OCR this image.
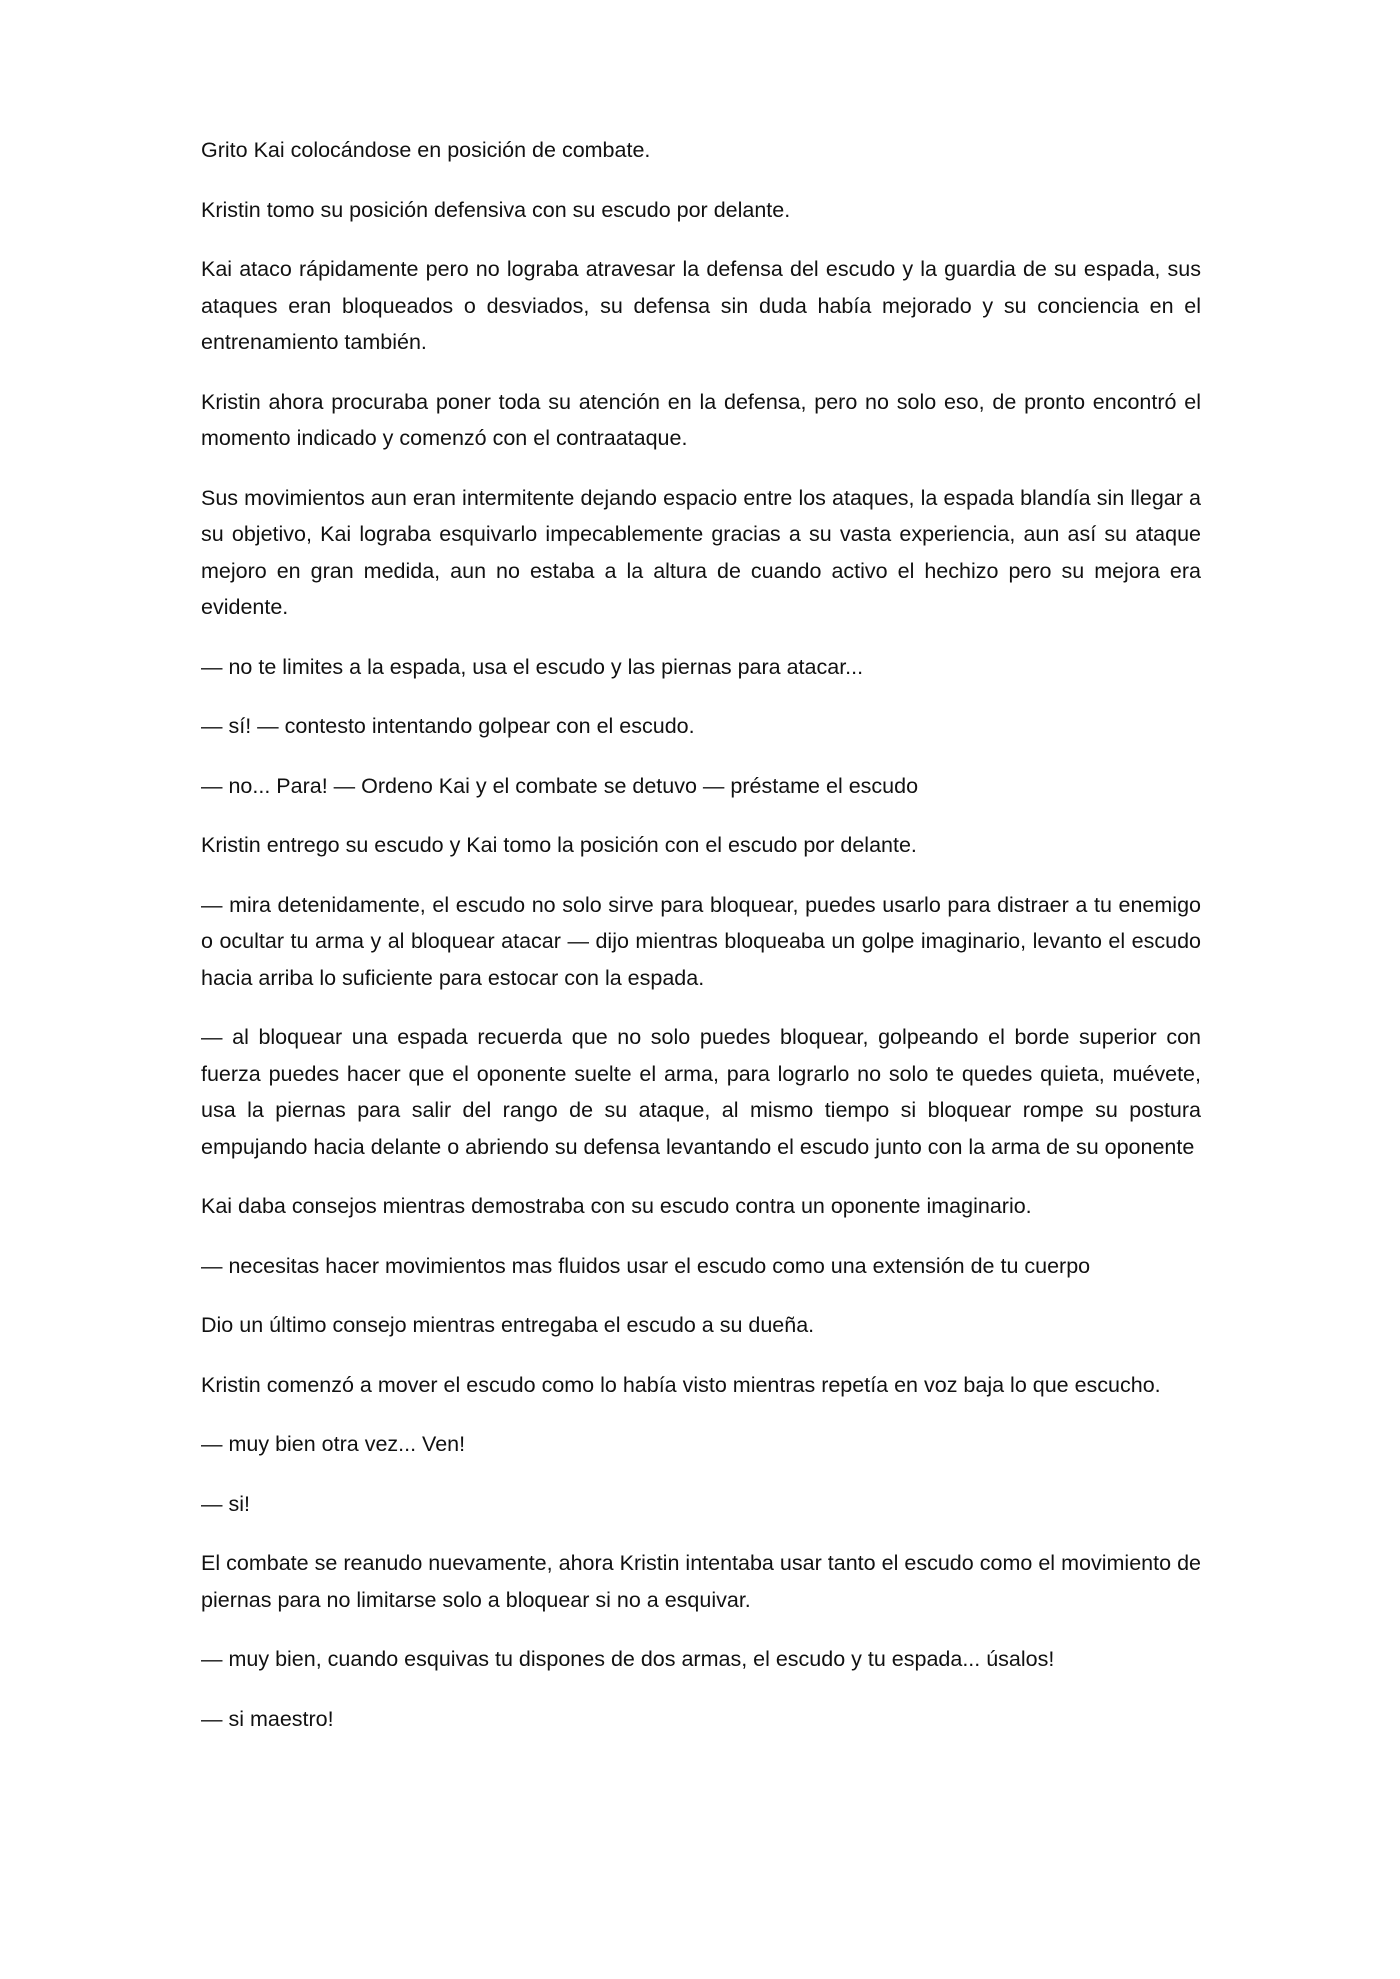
Grito Kai colocándose en posición de combate.

Kristin tomo su posición defensiva con su escudo por delante.

Kai ataco rápidamente pero no lograba atravesar la defensa del escudo y la guardia de su espada, sus ataques eran bloqueados o desviados, su defensa sin duda había mejorado y su conciencia en el entrenamiento también.

Kristin ahora procuraba poner toda su atención en la defensa, pero no solo eso, de pronto encontró el momento indicado y comenzó con el contraataque.

Sus movimientos aun eran intermitente dejando espacio entre los ataques, la espada blandía sin llegar a su objetivo, Kai lograba esquivarlo impecablemente gracias a su vasta experiencia, aun así su ataque mejoro en gran medida, aun no estaba a la altura de cuando activo el hechizo pero su mejora era evidente.

— no te limites a la espada, usa el escudo y las piernas para atacar...

— sí! — contesto intentando golpear con el escudo.

— no... Para! — Ordeno Kai y el combate se detuvo — préstame el escudo

Kristin entrego su escudo y Kai tomo la posición con el escudo por delante.

— mira detenidamente, el escudo no solo sirve para bloquear, puedes usarlo para distraer a tu enemigo o ocultar tu arma y al bloquear atacar — dijo mientras bloqueaba un golpe imaginario, levanto el escudo hacia arriba lo suficiente para estocar con la espada.

— al bloquear una espada recuerda que no solo puedes bloquear, golpeando el borde superior con fuerza puedes hacer que el oponente suelte el arma, para lograrlo no solo te quedes quieta, muévete, usa la piernas para salir del rango de su ataque, al mismo tiempo si bloquear rompe su postura empujando hacia delante o abriendo su defensa levantando el escudo junto con la arma de su oponente

Kai daba consejos mientras demostraba con su escudo contra un oponente imaginario.

— necesitas hacer movimientos mas fluidos usar el escudo como una extensión de tu cuerpo

Dio un último consejo mientras entregaba el escudo a su dueña.

Kristin comenzó a mover el escudo como lo había visto mientras repetía en voz baja lo que escucho.

— muy bien otra vez... Ven!

— si!

El combate se reanudo nuevamente, ahora Kristin intentaba usar tanto el escudo como el movimiento de piernas para no limitarse solo a bloquear si no a esquivar.

— muy bien, cuando esquivas tu dispones de dos armas, el escudo y tu espada... úsalos!

— si maestro!
